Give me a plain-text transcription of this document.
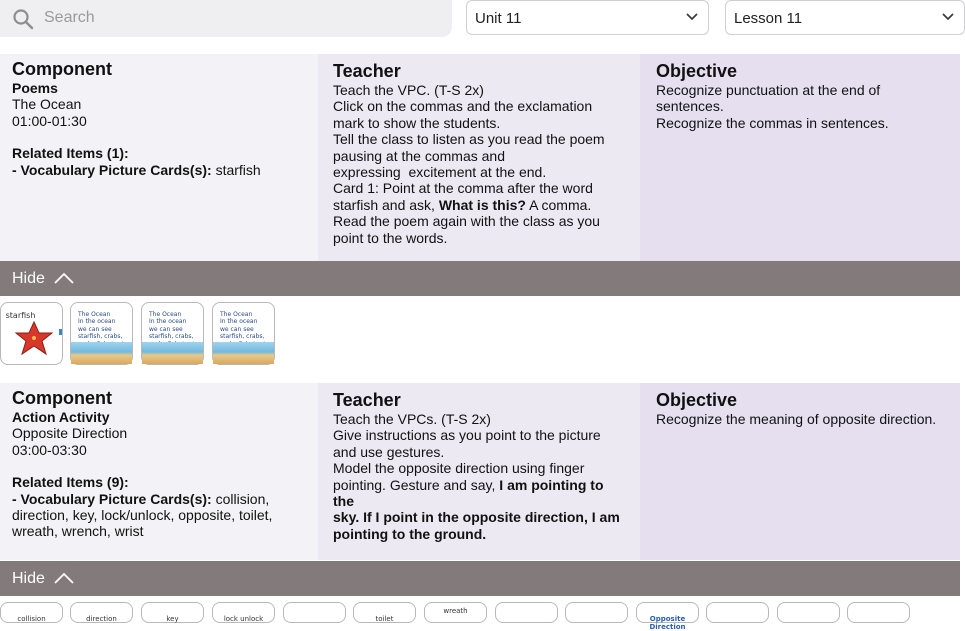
Search	Unit 11	Lesson 11
Component
Poems
The Ocean
01:00-01:30
Related Items (1):
- Vocabulary Picture Cards(s): starfish
Teacher
Teach the VPC. (T-S 2x)
Click on the commas and the exclamation
mark to show the students.
Tell the class to listen as you read the poem
pausing at the commas and
expressing  excitement at the end.
Card 1: Point at the comma after the word
starfish and ask, What is this? A comma.
Read the poem again with the class as you
point to the words.
Objective
Recognize punctuation at the end of
sentences.
Recognize the commas in sentences.
Hide
starfish	The Ocean
In the ocean
we can see
starfish, crabs,

The Ocean
In the ocean
we can see
starfish, crabs,

The Ocean
In the ocean
we can see
starfish, crabs,

Component
Action Activity
Opposite Direction
03:00-03:30
Related Items (9):
- Vocabulary Picture Cards(s): collision, direction, key, lock/unlock, opposite, toilet, wreath, wrench, wrist
Teacher
Teach the VPCs. (T-S 2x)
Give instructions as you point to the picture
and use gestures.
Model the opposite direction using finger
pointing. Gesture and say, I am pointing to the
sky. If I point in the opposite direction, I am
pointing to the ground.
Objective
Recognize the meaning of opposite direction.
Hide
collision	direction	key	lock unlock	toilet
wreath
Opposite Direction
